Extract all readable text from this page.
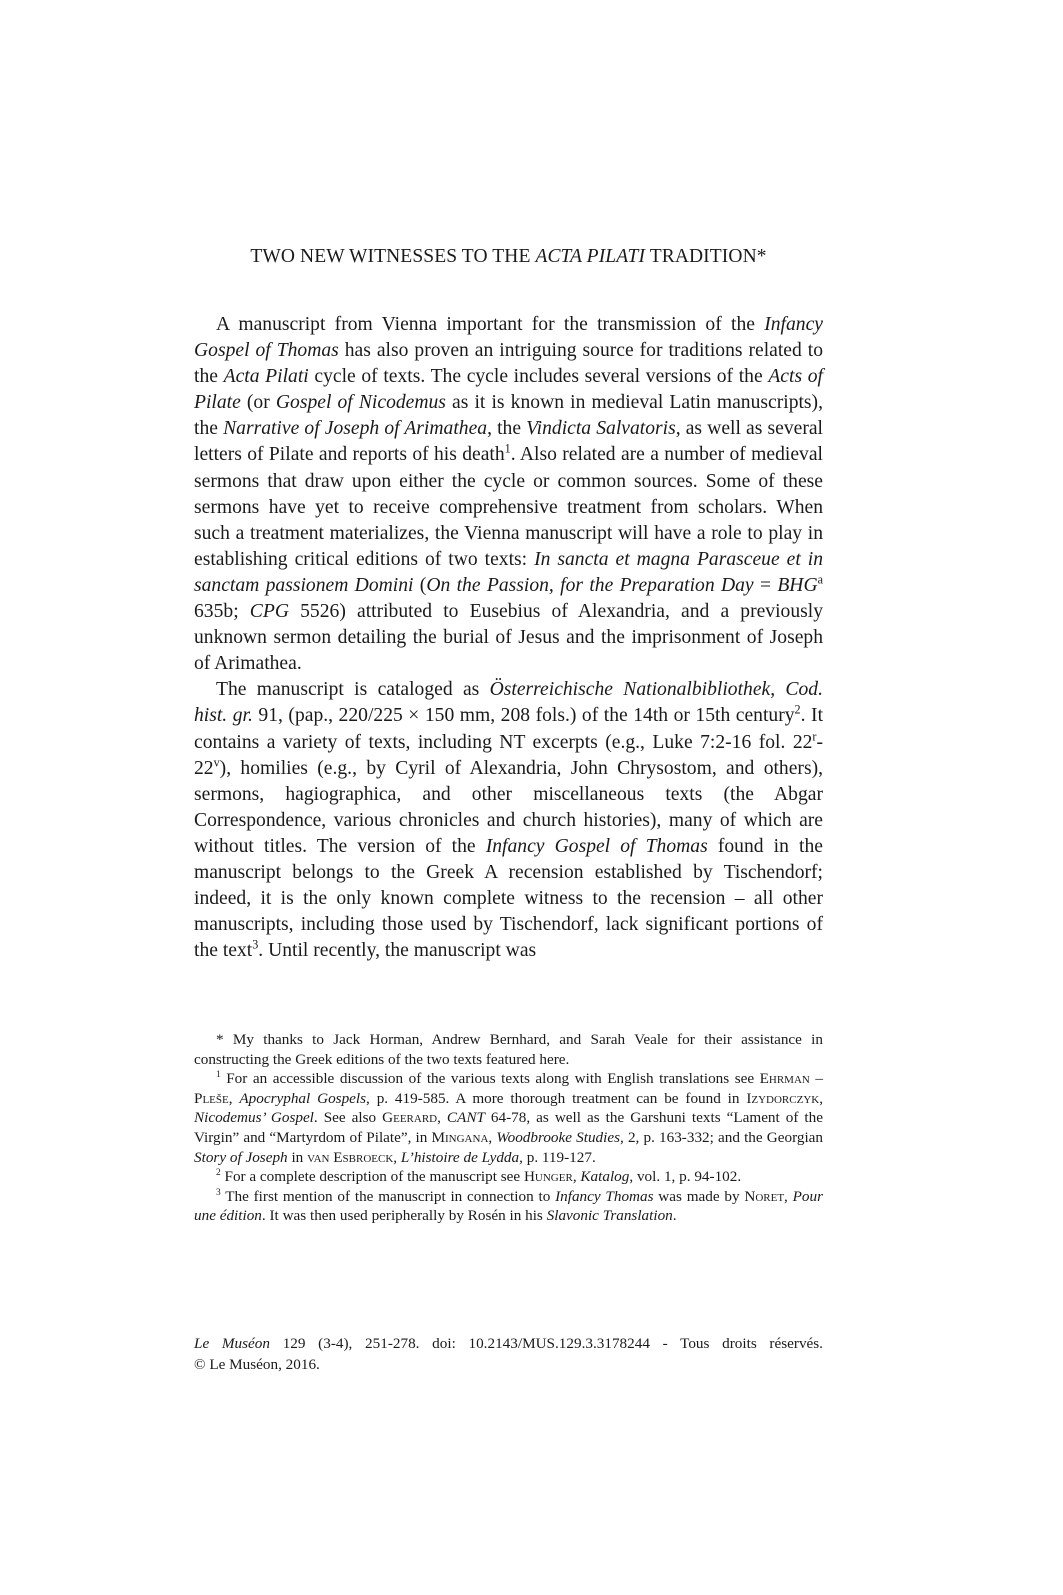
TWO NEW WITNESSES TO THE ACTA PILATI TRADITION*

A manuscript from Vienna important for the transmission of the Infancy Gospel of Thomas has also proven an intriguing source for traditions related to the Acta Pilati cycle of texts. The cycle includes several versions of the Acts of Pilate (or Gospel of Nicodemus as it is known in medieval Latin manuscripts), the Narrative of Joseph of Arimathea, the Vindicta Salvatoris, as well as several letters of Pilate and reports of his death$^1$. Also related are a number of medieval sermons that draw upon either the cycle or common sources. Some of these sermons have yet to receive comprehensive treatment from scholars. When such a treatment materializes, the Vienna manuscript will have a role to play in establishing critical editions of two texts: In sancta et magna Parasceue et in sanctam passionem Domini (On the Passion, for the Preparation Day = $BHG^a$ 635b; CPG 5526) attributed to Eusebius of Alexandria, and a previously unknown sermon detailing the burial of Jesus and the imprisonment of Joseph of Arimathea.

The manuscript is cataloged as Österreichische Nationalbibliothek, Cod. hist. gr. 91, (pap., 220/225 × 150 mm, 208 fols.) of the 14th or 15th century$^2$. It contains a variety of texts, including NT excerpts (e.g., Luke 7:2-16 fol. 22$^r$-22$^v$), homilies (e.g., by Cyril of Alexandria, John Chrysostom, and others), sermons, hagiographica, and other miscellaneous texts (the Abgar Correspondence, various chronicles and church histories), many of which are without titles. The version of the Infancy Gospel of Thomas found in the manuscript belongs to the Greek A recension established by Tischendorf; indeed, it is the only known complete witness to the recension – all other manuscripts, including those used by Tischendorf, lack significant portions of the text$^3$. Until recently, the manuscript was

* My thanks to Jack Horman, Andrew Bernhard, and Sarah Veale for their assistance in constructing the Greek editions of the two texts featured here.

$^1$ For an accessible discussion of the various texts along with English translations see Ehrman – Pleše, Apocryphal Gospels, p. 419-585. A more thorough treatment can be found in Izydorczyk, Nicodemus’ Gospel. See also Geerard, CANT 64-78, as well as the Garshuni texts “Lament of the Virgin” and “Martyrdom of Pilate”, in Mingana, Woodbrooke Studies, 2, p. 163-332; and the Georgian Story of Joseph in van Esbroeck, L’histoire de Lydda, p. 119-127.

$^2$ For a complete description of the manuscript see Hunger, Katalog, vol. 1, p. 94-102.

$^3$ The first mention of the manuscript in connection to Infancy Thomas was made by Noret, Pour une édition. It was then used peripherally by Rosén in his Slavonic Translation.

Le Muséon 129 (3-4), 251-278. doi: 10.2143/MUS.129.3.3178244 - Tous droits réservés.

© Le Muséon, 2016.
